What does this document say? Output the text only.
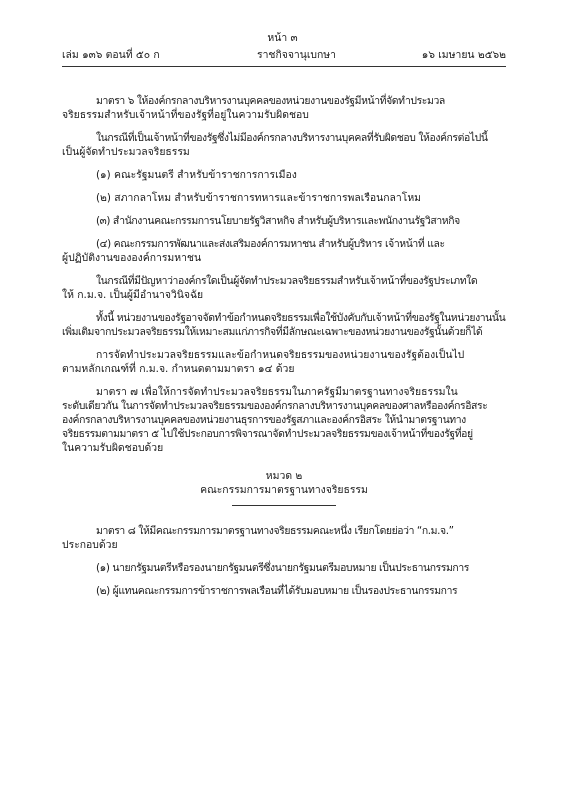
หน้า ๓
เล่ม ๑๓๖ ตอนที่ ๕๐ ก	ราชกิจจานุเบกษา	๑๖ เมษายน ๒๕๖๒

มาตรา ๖ ให้องค์กรกลางบริหารงานบุคคลของหน่วยงานของรัฐมีหน้าที่จัดทำประมวล

จริยธรรมสำหรับเจ้าหน้าที่ของรัฐที่อยู่ในความรับผิดชอบ

ในกรณีที่เป็นเจ้าหน้าที่ของรัฐซึ่งไม่มีองค์กรกลางบริหารงานบุคคลที่รับผิดชอบ ให้องค์กรต่อไปนี้

เป็นผู้จัดทำประมวลจริยธรรม

(๑) คณะรัฐมนตรี สำหรับข้าราชการการเมือง

(๒) สภากลาโหม สำหรับข้าราชการทหารและข้าราชการพลเรือนกลาโหม

(๓) สำนักงานคณะกรรมการนโยบายรัฐวิสาหกิจ สำหรับผู้บริหารและพนักงานรัฐวิสาหกิจ

(๔) คณะกรรมการพัฒนาและส่งเสริมองค์การมหาชน สำหรับผู้บริหาร เจ้าหน้าที่ และ

ผู้ปฏิบัติงานขององค์การมหาชน

ในกรณีที่มีปัญหาว่าองค์กรใดเป็นผู้จัดทำประมวลจริยธรรมสำหรับเจ้าหน้าที่ของรัฐประเภทใด

ให้ ก.ม.จ. เป็นผู้มีอำนาจวินิจฉัย

ทั้งนี้ หน่วยงานของรัฐอาจจัดทำข้อกำหนดจริยธรรมเพื่อใช้บังคับกับเจ้าหน้าที่ของรัฐในหน่วยงานนั้น

เพิ่มเติมจากประมวลจริยธรรมให้เหมาะสมแก่ภารกิจที่มีลักษณะเฉพาะของหน่วยงานของรัฐนั้นด้วยก็ได้

การจัดทำประมวลจริยธรรมและข้อกำหนดจริยธรรมของหน่วยงานของรัฐต้องเป็นไป

ตามหลักเกณฑ์ที่ ก.ม.จ. กำหนดตามมาตรา ๑๔ ด้วย

มาตรา ๗ เพื่อให้การจัดทำประมวลจริยธรรมในภาครัฐมีมาตรฐานทางจริยธรรมใน

ระดับเดียวกัน ในการจัดทำประมวลจริยธรรมขององค์กรกลางบริหารงานบุคคลของศาลหรือองค์กรอิสระ

องค์กรกลางบริหารงานบุคคลของหน่วยงานธุรการของรัฐสภาและองค์กรอิสระ ให้นำมาตรฐานทาง

จริยธรรมตามมาตรา ๕ ไปใช้ประกอบการพิจารณาจัดทำประมวลจริยธรรมของเจ้าหน้าที่ของรัฐที่อยู่

ในความรับผิดชอบด้วย

หมวด ๒

คณะกรรมการมาตรฐานทางจริยธรรม

มาตรา ๘ ให้มีคณะกรรมการมาตรฐานทางจริยธรรมคณะหนึ่ง เรียกโดยย่อว่า “ก.ม.จ.”

ประกอบด้วย

(๑) นายกรัฐมนตรีหรือรองนายกรัฐมนตรีซึ่งนายกรัฐมนตรีมอบหมาย เป็นประธานกรรมการ

(๒) ผู้แทนคณะกรรมการข้าราชการพลเรือนที่ได้รับมอบหมาย เป็นรองประธานกรรมการ
